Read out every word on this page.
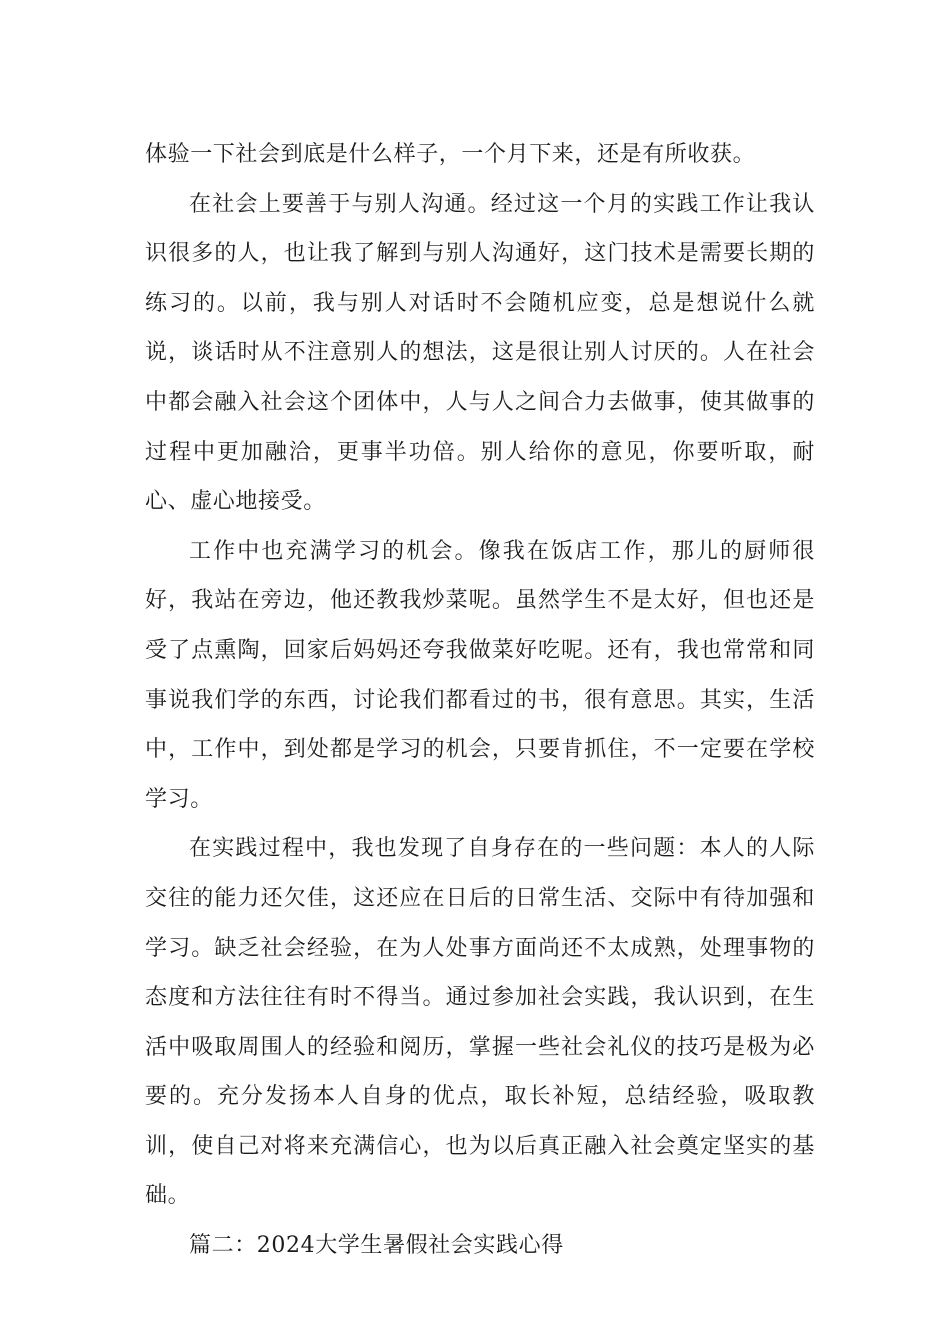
体验一下社会到底是什么样子，一个月下来，还是有所收获。

在社会上要善于与别人沟通。经过这一个月的实践工作让我认识很多的人，也让我了解到与别人沟通好，这门技术是需要长期的练习的。以前，我与别人对话时不会随机应变，总是想说什么就说，谈话时从不注意别人的想法，这是很让别人讨厌的。人在社会中都会融入社会这个团体中，人与人之间合力去做事，使其做事的过程中更加融洽，更事半功倍。别人给你的意见，你要听取，耐心、虚心地接受。

工作中也充满学习的机会。像我在饭店工作，那儿的厨师很好，我站在旁边，他还教我炒菜呢。虽然学生不是太好，但也还是受了点熏陶，回家后妈妈还夸我做菜好吃呢。还有，我也常常和同事说我们学的东西，讨论我们都看过的书，很有意思。其实，生活中，工作中，到处都是学习的机会，只要肯抓住，不一定要在学校学习。

在实践过程中，我也发现了自身存在的一些问题：本人的人际交往的能力还欠佳，这还应在日后的日常生活、交际中有待加强和学习。缺乏社会经验，在为人处事方面尚还不太成熟，处理事物的态度和方法往往有时不得当。通过参加社会实践，我认识到，在生活中吸取周围人的经验和阅历，掌握一些社会礼仪的技巧是极为必要的。充分发扬本人自身的优点，取长补短，总结经验，吸取教训，使自己对将来充满信心，也为以后真正融入社会奠定坚实的基础。

篇二：2024大学生暑假社会实践心得
